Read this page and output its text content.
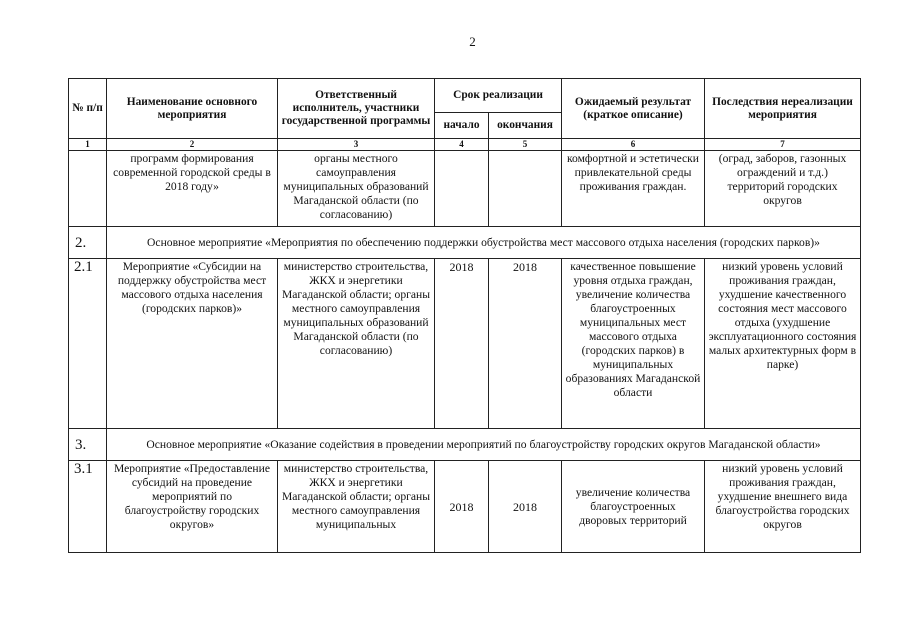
2
№ п/п	Наименование основного мероприятия	Ответственный исполнитель, участники государственной программы	Срок реализации		Ожидаемый результат (краткое описание)	Последствия нереализации мероприятия
			начало	окончания		
1	2	3	4	5	6	7
	программ формирования современной городской среды в 2018 году»	органы местного самоуправления муниципальных образований Магаданской области (по согласованию)			комфортной и эстетически привлекательной среды проживания граждан.	(оград, заборов, газонных ограждений и т.д.) территорий городских округов
2.	Основное мероприятие «Мероприятия по обеспечению поддержки обустройства мест массового отдыха населения (городских парков)»					
2.1	Мероприятие «Субсидии на поддержку обустройства мест массового отдыха населения (городских парков)»	министерство строительства, ЖКХ и энергетики Магаданской области; органы местного самоуправления муниципальных образований Магаданской области (по согласованию)	2018	2018	качественное повышение уровня отдыха граждан, увеличение количества благоустроенных муниципальных мест массового отдыха (городских парков) в муниципальных образованиях Магаданской области	низкий уровень условий проживания граждан, ухудшение качественного состояния мест массового отдыха (ухудшение эксплуатационного состояния малых архитектурных форм в парке)
3.	Основное мероприятие «Оказание содействия в проведении мероприятий по благоустройству городских округов Магаданской области»					
3.1	Мероприятие «Предоставление субсидий на проведение мероприятий по благоустройству городских округов»	министерство строительства, ЖКХ и энергетики Магаданской области; органы местного самоуправления муниципальных	2018	2018	увеличение количества благоустроенных дворовых территорий	низкий уровень условий проживания граждан, ухудшение внешнего вида благоустройства городских округов
